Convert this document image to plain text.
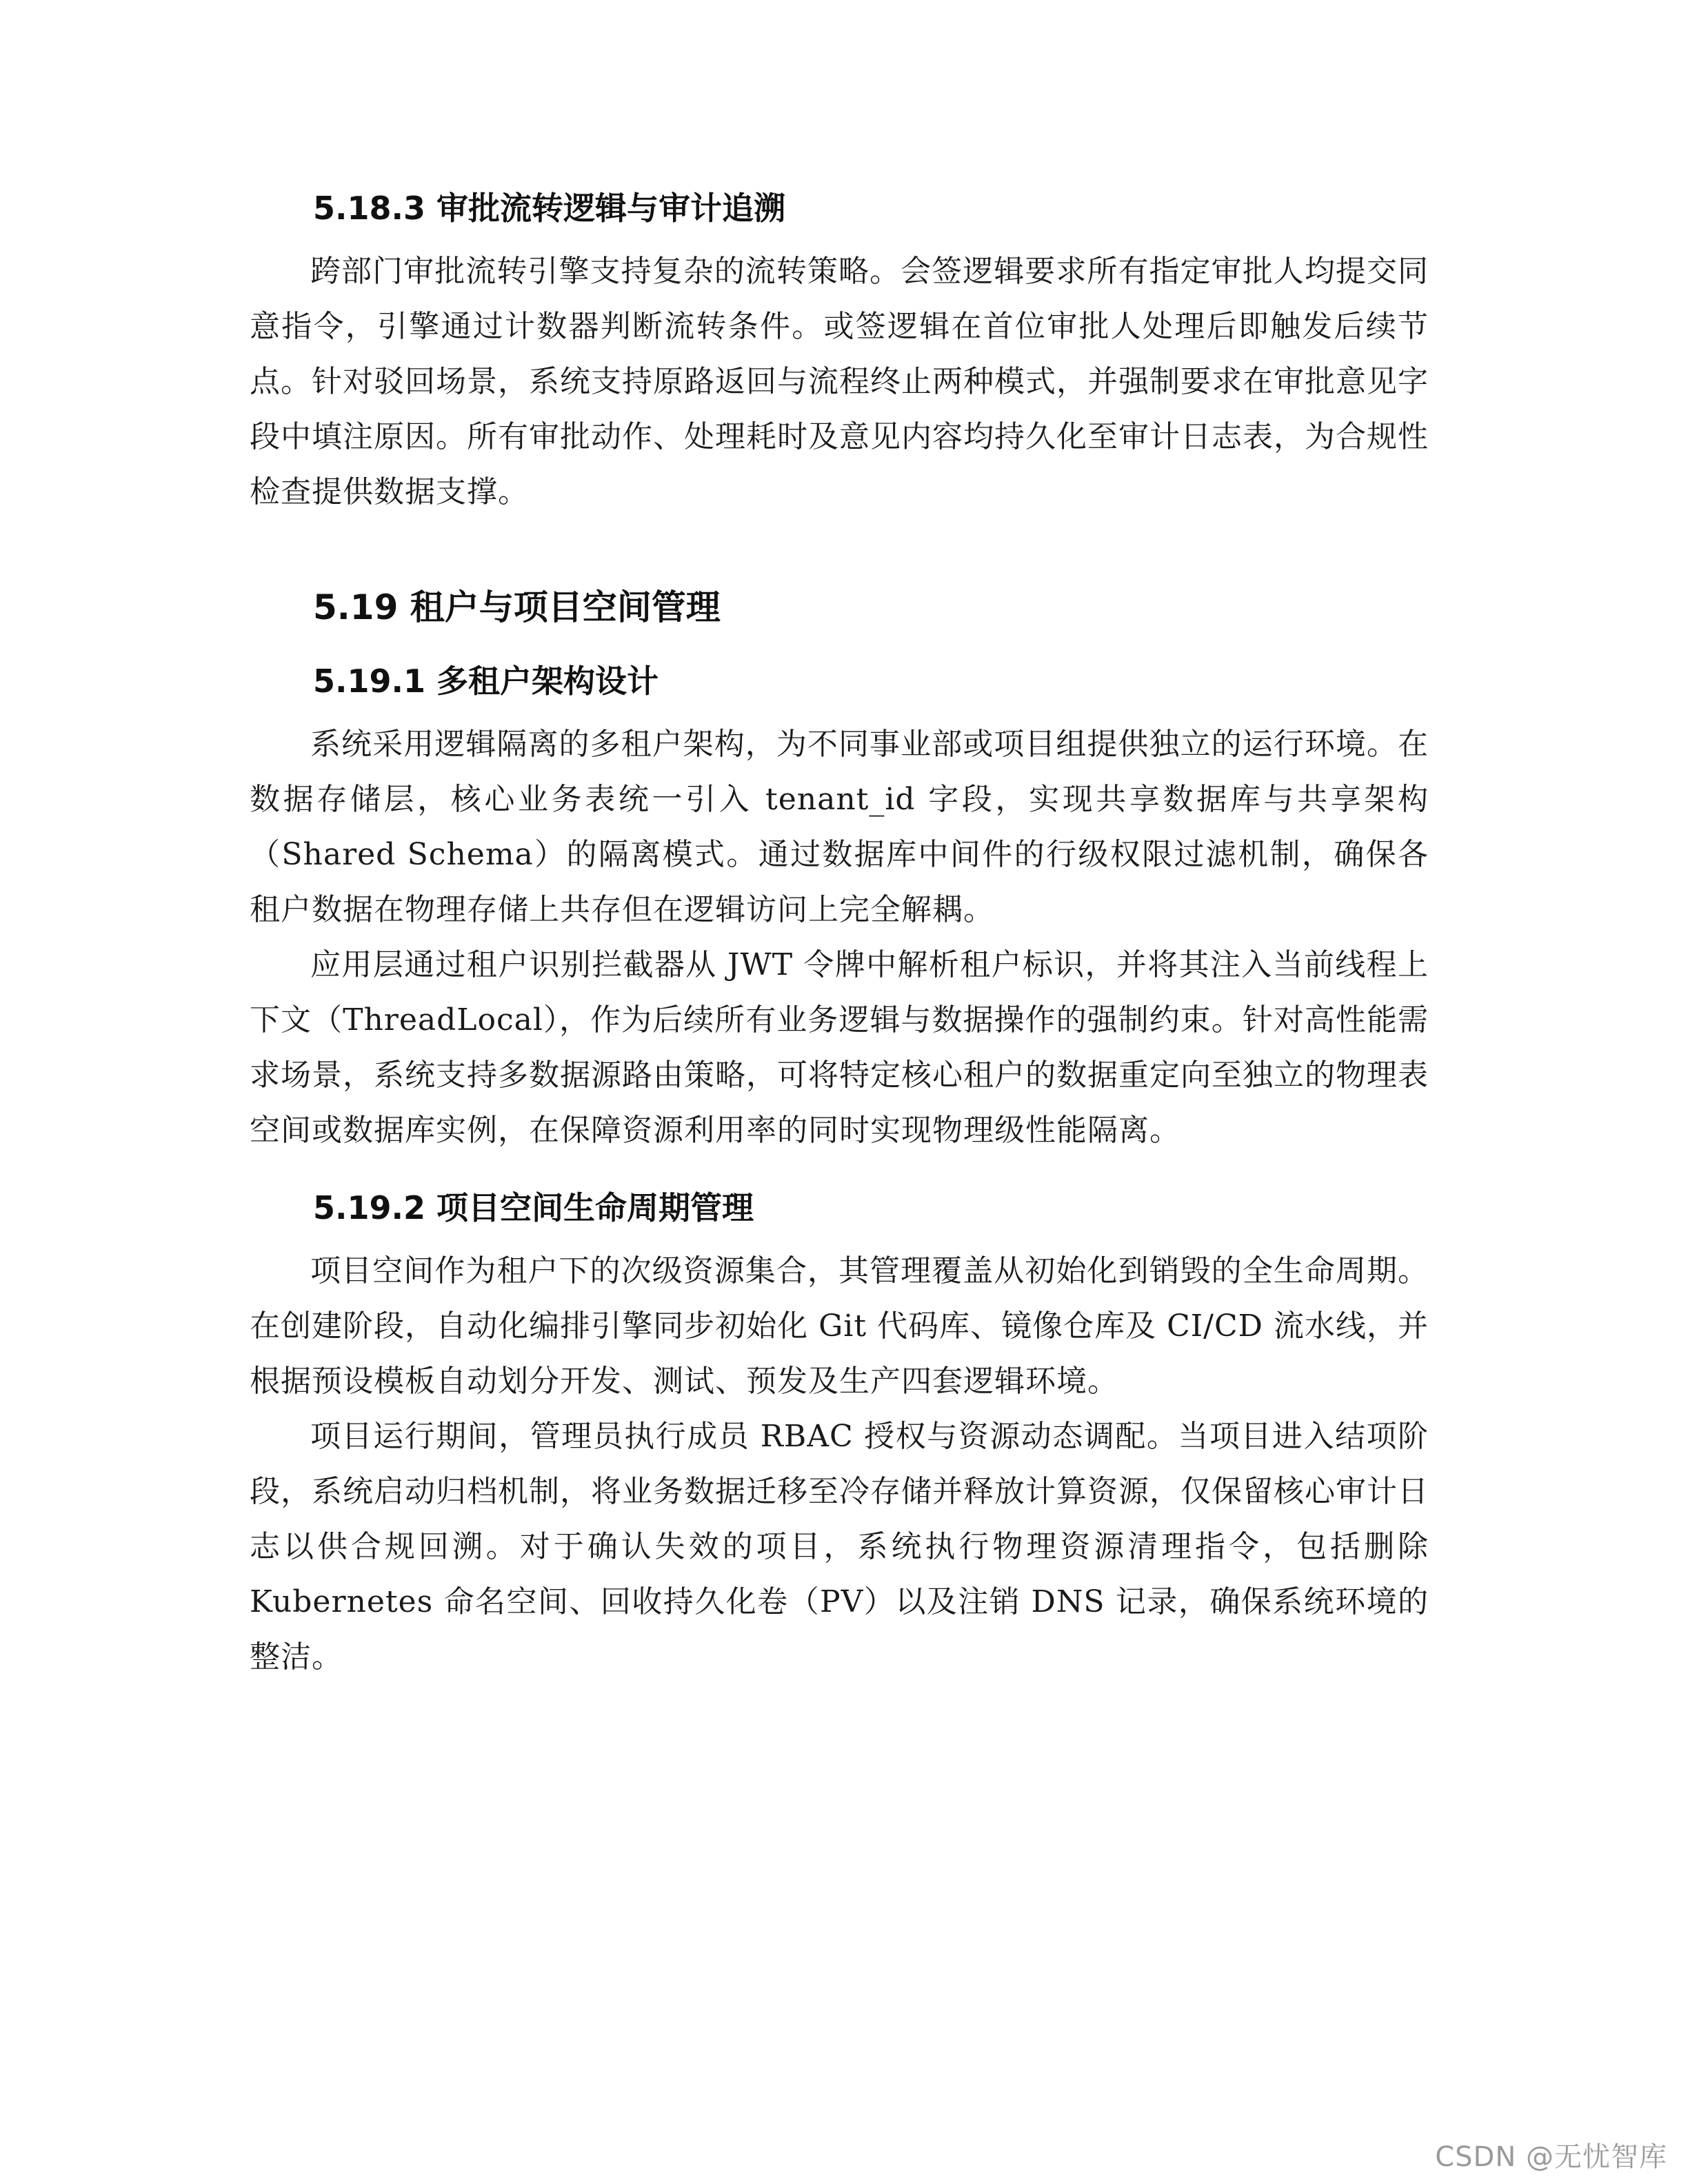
5.18.3 审批流转逻辑与审计追溯

跨部门审批流转引擎支持复杂的流转策略。会签逻辑要求所有指定审批人均提交同意指令，引擎通过计数器判断流转条件。或签逻辑在首位审批人处理后即触发后续节点。针对驳回场景，系统支持原路返回与流程终止两种模式，并强制要求在审批意见字段中填注原因。所有审批动作、处理耗时及意见内容均持久化至审计日志表，为合规性检查提供数据支撑。

5.19 租户与项目空间管理
5.19.1 多租户架构设计

系统采用逻辑隔离的多租户架构，为不同事业部或项目组提供独立的运行环境。在数据存储层，核心业务表统一引入 tenant_id 字段，实现共享数据库与共享架构（Shared Schema）的隔离模式。通过数据库中间件的行级权限过滤机制，确保各租户数据在物理存储上共存但在逻辑访问上完全解耦。

应用层通过租户识别拦截器从 JWT 令牌中解析租户标识，并将其注入当前线程上下文（ThreadLocal），作为后续所有业务逻辑与数据操作的强制约束。针对高性能需求场景，系统支持多数据源路由策略，可将特定核心租户的数据重定向至独立的物理表空间或数据库实例，在保障资源利用率的同时实现物理级性能隔离。

5.19.2 项目空间生命周期管理

项目空间作为租户下的次级资源集合，其管理覆盖从初始化到销毁的全生命周期。在创建阶段，自动化编排引擎同步初始化 Git 代码库、镜像仓库及 CI/CD 流水线，并根据预设模板自动划分开发、测试、预发及生产四套逻辑环境。

项目运行期间，管理员执行成员 RBAC 授权与资源动态调配。当项目进入结项阶段，系统启动归档机制，将业务数据迁移至冷存储并释放计算资源，仅保留核心审计日志以供合规回溯。对于确认失效的项目，系统执行物理资源清理指令，包括删除 Kubernetes 命名空间、回收持久化卷（PV）以及注销 DNS 记录，确保系统环境的整洁。

CSDN @无忧智库
